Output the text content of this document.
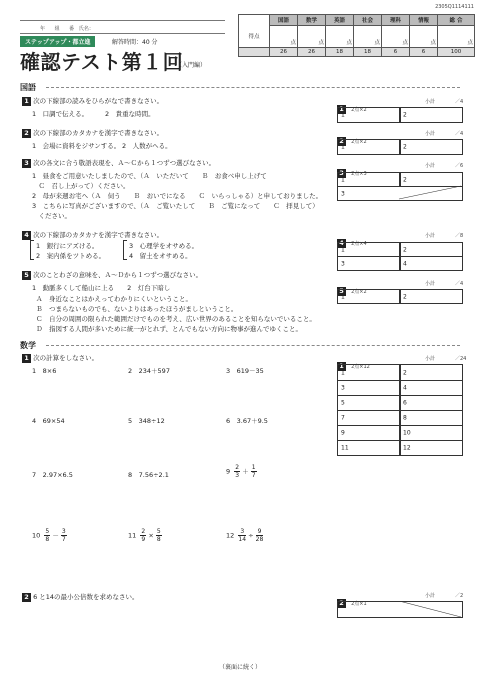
2305Q1114111
年 組 番 氏名：
ステップアップ・都立進	解答時間：40 分
確認テスト第１回
（入門編）
	国語	数学	英語	社会	理科	情報	総 合
得点	点	点	点	点	点	点	点
	26	26	18	18	6	6	100
国語
1 次の下線部の読みをひらがなで書きなさい。
1　口調で伝える。	2　貴重な時間。
1 2点×2
小計　　　　／4
1	2
2 次の下線部のカタカナを漢字で書きなさい。
1　会場に資料をジサンする。 2　人数がヘる。
2 2点×2
小計　　　　／4
1	2
3 次の各文に合う敬語表現を、Ａ～Ｃから１つずつ選びなさい。
1　昼食をご用意いたしましたので、（Ａ　いただいて　　Ｂ　お食べ申し上げて
　Ｃ　召し上がって）ください。
2　母が来週お宅へ（Ａ　伺う　　Ｂ　おいでになる　　Ｃ　いらっしゃる）と申しておりました。
3　こちらに写真がございますので、（Ａ　ご覧いたして　　Ｂ　ご覧になって　　Ｃ　拝見して）
　ください。
3 2点×3
小計　　　　／6
1	2
3
4 次の下線部のカタカナを漢字で書きなさい。
1　銀行にアズける。
2　案内係をツトめる。
3　心理学をオサめる。
4　留土をオサめる。
4 2点×4
小計　　　　／8
1	2
3	4
5 次のことわざの意味を、Ａ～Ｄから１つずつ選びなさい。
1　動脈多くして船山に上る　　2　灯台下暗し
Ａ　身近なことはかえってわかりにくいということ。
Ｂ　つまらないものでも、ないよりはあったほうがましということ。
Ｃ　自分の周囲の限られた範囲だけでものを考え、広い世界のあることを知らないでいること。
Ｄ　指図する人間が多いために統一がとれず、とんでもない方向に物事が進んでゆくこと。
5 2点×2
小計　　　　／4
1	2
数学
1 次の計算をしなさい。
1　8×6	2　234＋597	3　619－35
4　69×54	5　348÷12	6　3.67＋9.5
7　2.97×6.5	8　7.56÷2.1	$9 \frac{2}{3} + \frac{1}{7}$
$10 \frac{5}{8} - \frac{3}{7}$	$11 \frac{2}{9} \times \frac{5}{8}$	$12 \frac{3}{14} \div \frac{9}{28}$
1 2点×12
小計　　　　／24
1	2
3	4
5	6
7	8
9	10
11	12
2 6 と14の最小公倍数を求めなさい。
2 2点×1
小計　　　　／2
（裏面に続く）
